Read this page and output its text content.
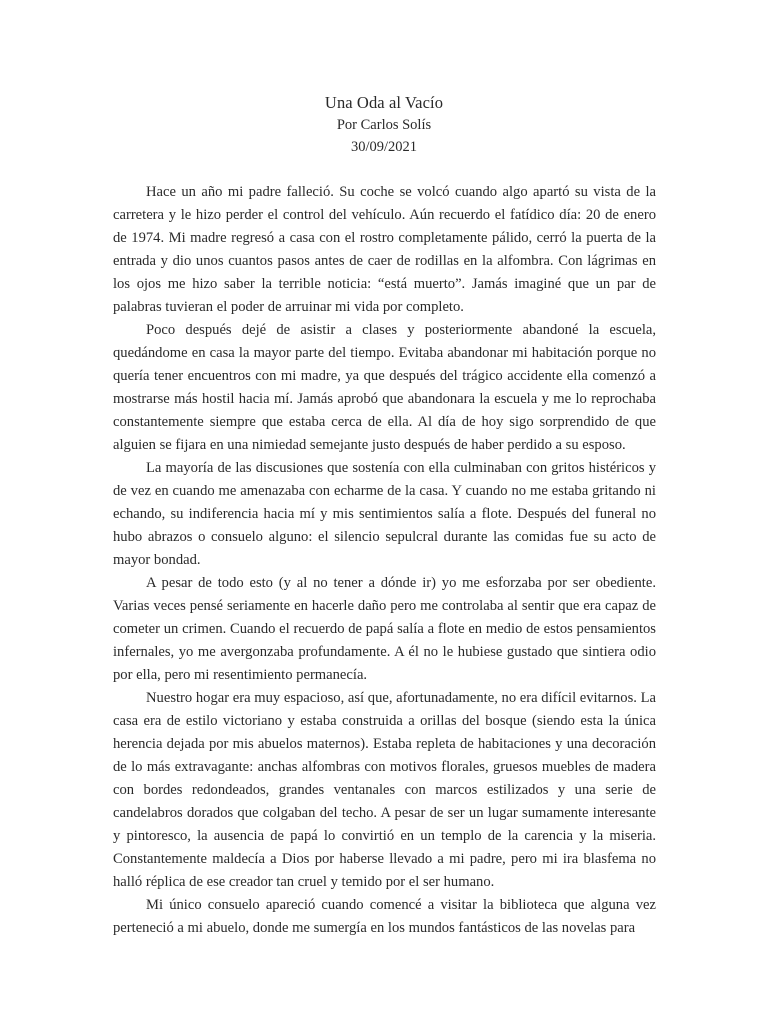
Una Oda al Vacío
Por Carlos Solís
30/09/2021

Hace un año mi padre falleció. Su coche se volcó cuando algo apartó su vista de la carretera y le hizo perder el control del vehículo. Aún recuerdo el fatídico día: 20 de enero de 1974. Mi madre regresó a casa con el rostro completamente pálido, cerró la puerta de la entrada y dio unos cuantos pasos antes de caer de rodillas en la alfombra. Con lágrimas en los ojos me hizo saber la terrible noticia: “está muerto”. Jamás imaginé que un par de palabras tuvieran el poder de arruinar mi vida por completo.

Poco después dejé de asistir a clases y posteriormente abandoné la escuela, quedándome en casa la mayor parte del tiempo. Evitaba abandonar mi habitación porque no quería tener encuentros con mi madre, ya que después del trágico accidente ella comenzó a mostrarse más hostil hacia mí. Jamás aprobó que abandonara la escuela y me lo reprochaba constantemente siempre que estaba cerca de ella. Al día de hoy sigo sorprendido de que alguien se fijara en una nimiedad semejante justo después de haber perdido a su esposo.

La mayoría de las discusiones que sostenía con ella culminaban con gritos histéricos y de vez en cuando me amenazaba con echarme de la casa. Y cuando no me estaba gritando ni echando, su indiferencia hacia mí y mis sentimientos salía a flote. Después del funeral no hubo abrazos o consuelo alguno: el silencio sepulcral durante las comidas fue su acto de mayor bondad.

A pesar de todo esto (y al no tener a dónde ir) yo me esforzaba por ser obediente. Varias veces pensé seriamente en hacerle daño pero me controlaba al sentir que era capaz de cometer un crimen. Cuando el recuerdo de papá salía a flote en medio de estos pensamientos infernales, yo me avergonzaba profundamente. A él no le hubiese gustado que sintiera odio por ella, pero mi resentimiento permanecía.

Nuestro hogar era muy espacioso, así que, afortunadamente, no era difícil evitarnos. La casa era de estilo victoriano y estaba construida a orillas del bosque (siendo esta la única herencia dejada por mis abuelos maternos). Estaba repleta de habitaciones y una decoración de lo más extravagante: anchas alfombras con motivos florales, gruesos muebles de madera con bordes redondeados, grandes ventanales con marcos estilizados y una serie de candelabros dorados que colgaban del techo. A pesar de ser un lugar sumamente interesante y pintoresco, la ausencia de papá lo convirtió en un templo de la carencia y la miseria. Constantemente maldecía a Dios por haberse llevado a mi padre, pero mi ira blasfema no halló réplica de ese creador tan cruel y temido por el ser humano.

Mi único consuelo apareció cuando comencé a visitar la biblioteca que alguna vez perteneció a mi abuelo, donde me sumergía en los mundos fantásticos de las novelas para
